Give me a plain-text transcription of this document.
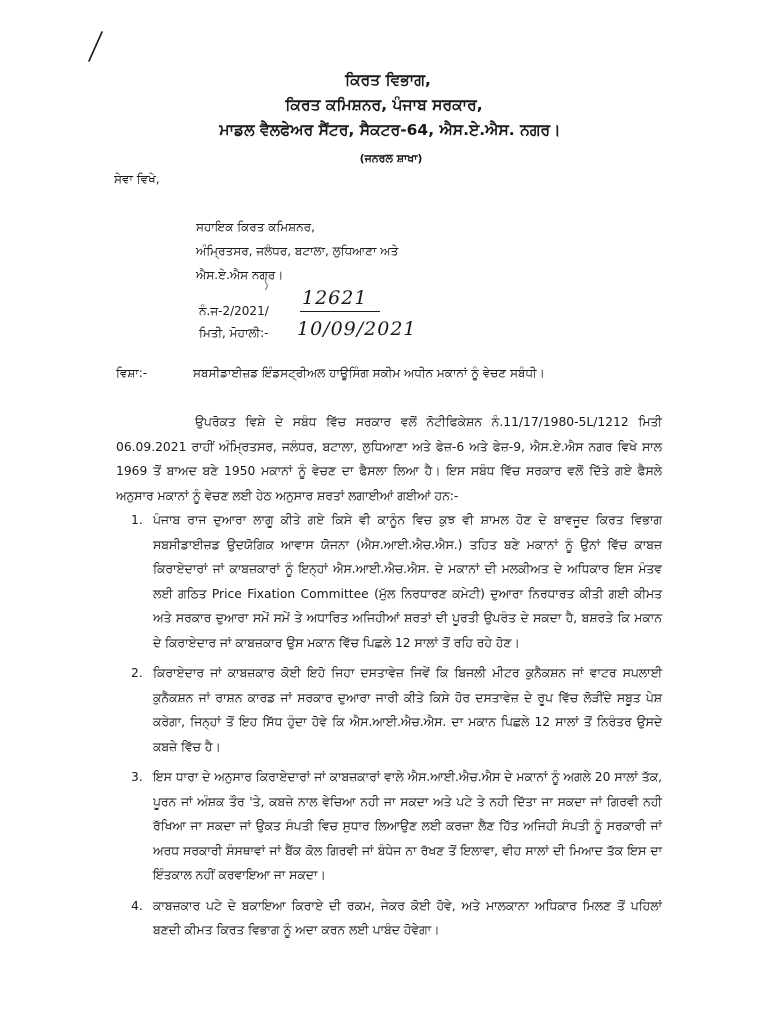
ਕਿਰਤ ਵਿਭਾਗ,
ਕਿਰਤ ਕਮਿਸ਼ਨਰ, ਪੰਜਾਬ ਸਰਕਾਰ,
ਮਾਡਲ ਵੈਲਫੇਅਰ ਸੈਂਟਰ, ਸੈਕਟਰ-64, ਐਸ.ਏ.ਐਸ. ਨਗਰ।
(ਜਨਰਲ ਸ਼ਾਖਾ)
ਸੇਵਾ ਵਿਖੇ,
ਸਹਾਇਕ ਕਿਰਤ ਕਮਿਸ਼ਨਰ,
ਅੰਮ੍ਰਿਤਸਰ, ਜਲੰਧਰ, ਬਟਾਲਾ, ਲੁਧਿਆਣਾ ਅਤੇ
ਐਸ.ਏ.ਐਸ ਨਗਰ।
ਨੰ.ਜ-2/2021/
12621
ਮਿਤੀ, ਮੋਹਾਲੀ:- 10/09/2021
ਵਿਸ਼ਾ:-	ਸਬਸੀਡਾਈਜ਼ਡ ਇੰਡਸਟ੍ਰੀਅਲ ਹਾਊਸਿੰਗ ਸਕੀਮ ਅਧੀਨ ਮਕਾਨਾਂ ਨੂੰ ਵੇਚਣ ਸਬੰਧੀ।
ਉਪਰੋਕਤ ਵਿਸ਼ੇ ਦੇ ਸਬੰਧ ਵਿੱਚ ਸਰਕਾਰ ਵਲੋਂ ਨੋਟੀਫਿਕੇਸ਼ਨ ਨੰ.11/17/1980-5L/1212 ਮਿਤੀ 06.09.2021 ਰਾਹੀਂ ਅੰਮ੍ਰਿਤਸਰ, ਜਲੰਧਰ, ਬਟਾਲਾ, ਲੁਧਿਆਣਾ ਅਤੇ ਫੇਜ਼-6 ਅਤੇ ਫੇਜ਼-9, ਐਸ.ਏ.ਐਸ ਨਗਰ ਵਿਖੇ ਸਾਲ 1969 ਤੋਂ ਬਾਅਦ ਬਣੇ 1950 ਮਕਾਨਾਂ ਨੂੰ ਵੇਚਣ ਦਾ ਫੈਸਲਾ ਲਿਆ ਹੈ। ਇਸ ਸਬੰਧ ਵਿੱਚ ਸਰਕਾਰ ਵਲੋਂ ਦਿੱਤੇ ਗਏ ਫੈਸਲੇ ਅਨੁਸਾਰ ਮਕਾਨਾਂ ਨੂੰ ਵੇਚਣ ਲਈ ਹੇਠ ਅਨੁਸਾਰ ਸ਼ਰਤਾਂ ਲਗਾਈਆਂ ਗਈਆਂ ਹਨ:-
1. ਪੰਜਾਬ ਰਾਜ ਦੁਆਰਾ ਲਾਗੂ ਕੀਤੇ ਗਏ ਕਿਸੇ ਵੀ ਕਾਨੂੰਨ ਵਿਚ ਕੁਝ ਵੀ ਸ਼ਾਮਲ ਹੋਣ ਦੇ ਬਾਵਜੂਦ ਕਿਰਤ ਵਿਭਾਗ ਸਬਸੀਡਾਈਜ਼ਡ ਉਦਯੋਗਿਕ ਆਵਾਸ ਯੋਜਨਾ (ਐਸ.ਆਈ.ਐਚ.ਐਸ.) ਤਹਿਤ ਬਣੇ ਮਕਾਨਾਂ ਨੂੰ ਉਨਾਂ ਵਿੱਚ ਕਾਬਜ਼ ਕਿਰਾਏਦਾਰਾਂ ਜਾਂ ਕਾਬਜ਼ਕਾਰਾਂ ਨੂੰ ਇਨ੍ਹਾਂ ਐਸ.ਆਈ.ਐਚ.ਐਸ. ਦੇ ਮਕਾਨਾਂ ਦੀ ਮਲਕੀਅਤ ਦੇ ਅਧਿਕਾਰ ਇਸ ਮੰਤਵ ਲਈ ਗਠਿਤ Price Fixation Committee (ਮੁੱਲ ਨਿਰਧਾਰਣ ਕਮੇਟੀ) ਦੁਆਰਾ ਨਿਰਧਾਰਤ ਕੀਤੀ ਗਈ ਕੀਮਤ ਅਤੇ ਸਰਕਾਰ ਦੁਆਰਾ ਸਮੇਂ ਸਮੇਂ ਤੇ ਅਧਾਰਿਤ ਅਜਿਹੀਆਂ ਸ਼ਰਤਾਂ ਦੀ ਪੂਰਤੀ ਉਪਰੰਤ ਦੇ ਸਕਦਾ ਹੈ, ਬਸ਼ਰਤੇ ਕਿ ਮਕਾਨ ਦੇ ਕਿਰਾਏਦਾਰ ਜਾਂ ਕਾਬਜ਼ਕਾਰ ਉਸ ਮਕਾਨ ਵਿੱਚ ਪਿਛਲੇ 12 ਸਾਲਾਂ ਤੋਂ ਰਹਿ ਰਹੇ ਹੋਣ।
2. ਕਿਰਾਏਦਾਰ ਜਾਂ ਕਾਬਜ਼ਕਾਰ ਕੋਈ ਇਹੋ ਜਿਹਾ ਦਸਤਾਵੇਜ਼ ਜਿਵੇਂ ਕਿ ਬਿਜਲੀ ਮੀਟਰ ਕੁਨੈਕਸ਼ਨ ਜਾਂ ਵਾਟਰ ਸਪਲਾਈ ਕੁਨੈਕਸ਼ਨ ਜਾਂ ਰਾਸ਼ਨ ਕਾਰਡ ਜਾਂ ਸਰਕਾਰ ਦੁਆਰਾ ਜਾਰੀ ਕੀਤੇ ਕਿਸੇ ਹੋਰ ਦਸਤਾਵੇਜ਼ ਦੇ ਰੂਪ ਵਿੱਚ ਲੋੜੀਂਦੇ ਸਬੂਤ ਪੇਸ਼ ਕਰੇਗਾ, ਜਿਨ੍ਹਾਂ ਤੋਂ ਇਹ ਸਿੱਧ ਹੁੰਦਾ ਹੋਵੇ ਕਿ ਐਸ.ਆਈ.ਐਚ.ਐਸ. ਦਾ ਮਕਾਨ ਪਿਛਲੇ 12 ਸਾਲਾਂ ਤੋਂ ਨਿਰੰਤਰ ਉਸਦੇ ਕਬਜ਼ੇ ਵਿੱਚ ਹੈ।
3. ਇਸ ਧਾਰਾ ਦੇ ਅਨੁਸਾਰ ਕਿਰਾਏਦਾਰਾਂ ਜਾਂ ਕਾਬਜ਼ਕਾਰਾਂ ਵਾਲੇ ਐਸ.ਆਈ.ਐਚ.ਐਸ ਦੇ ਮਕਾਨਾਂ ਨੂੰ ਅਗਲੇ 20 ਸਾਲਾਂ ਤੱਕ, ਪੂਰਨ ਜਾਂ ਅੰਸ਼ਕ ਤੌਰ 'ਤੇ, ਕਬਜ਼ੇ ਨਾਲ ਵੇਚਿਆ ਨਹੀ ਜਾ ਸਕਦਾ ਅਤੇ ਪਟੇ ਤੇ ਨਹੀ ਦਿੱਤਾ ਜਾ ਸਕਦਾ ਜਾਂ ਗਿਰਵੀ ਨਹੀ ਰੱਖਿਆ ਜਾ ਸਕਦਾ ਜਾਂ ਉਕਤ ਸੰਪਤੀ ਵਿਚ ਸੁਧਾਰ ਲਿਆਉਣ ਲਈ ਕਰਜ਼ਾ ਲੈਣ ਹਿੱਤ ਅਜਿਹੀ ਸੰਪਤੀ ਨੂੰ ਸਰਕਾਰੀ ਜਾਂ ਅਰਧ ਸਰਕਾਰੀ ਸੰਸਥਾਵਾਂ ਜਾਂ ਬੈਂਕ ਕੋਲ ਗਿਰਵੀ ਜਾਂ ਬੰਧੇਜ ਨਾ ਰੱਖਣ ਤੋਂ ਇਲਾਵਾ, ਵੀਹ ਸਾਲਾਂ ਦੀ ਮਿਆਦ ਤੱਕ ਇਸ ਦਾ ਇੰਤਕਾਲ ਨਹੀਂ ਕਰਵਾਇਆ ਜਾ ਸਕਦਾ।
4. ਕਾਬਜ਼ਕਾਰ ਪਟੇ ਦੇ ਬਕਾਇਆ ਕਿਰਾਏ ਦੀ ਰਕਮ, ਜੇਕਰ ਕੋਈ ਹੋਵੇ, ਅਤੇ ਮਾਲਕਾਨਾ ਅਧਿਕਾਰ ਮਿਲਣ ਤੋਂ ਪਹਿਲਾਂ ਬਣਦੀ ਕੀਮਤ ਕਿਰਤ ਵਿਭਾਗ ਨੂੰ ਅਦਾ ਕਰਨ ਲਈ ਪਾਬੰਦ ਹੋਵੇਗਾ।
